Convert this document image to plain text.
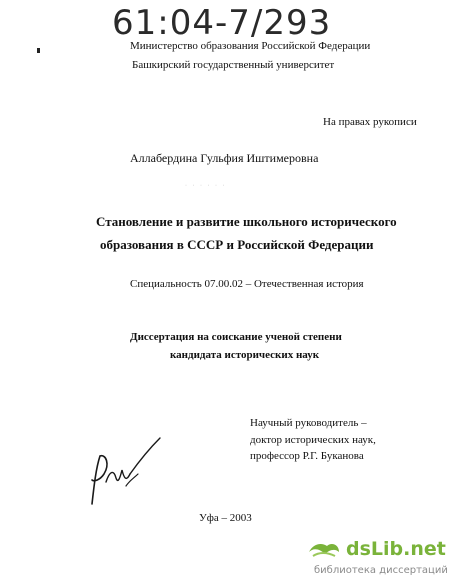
61:04-7/293
Министерство образования Российской Федерации
Башкирский государственный университет
На правах рукописи
Аллабердина Гульфия Иштимеровна
· · · · · ·
Становление и развитие школьного исторического
образования в СССР и Российской Федерации
Специальность 07.00.02 – Отечественная история
Диссертация на соискание ученой степени
кандидата исторических наук
Научный руководитель –
доктор исторических наук,
профессор Р.Г. Буканова
Уфа – 2003
dsLib.net
библиотека диссертаций
